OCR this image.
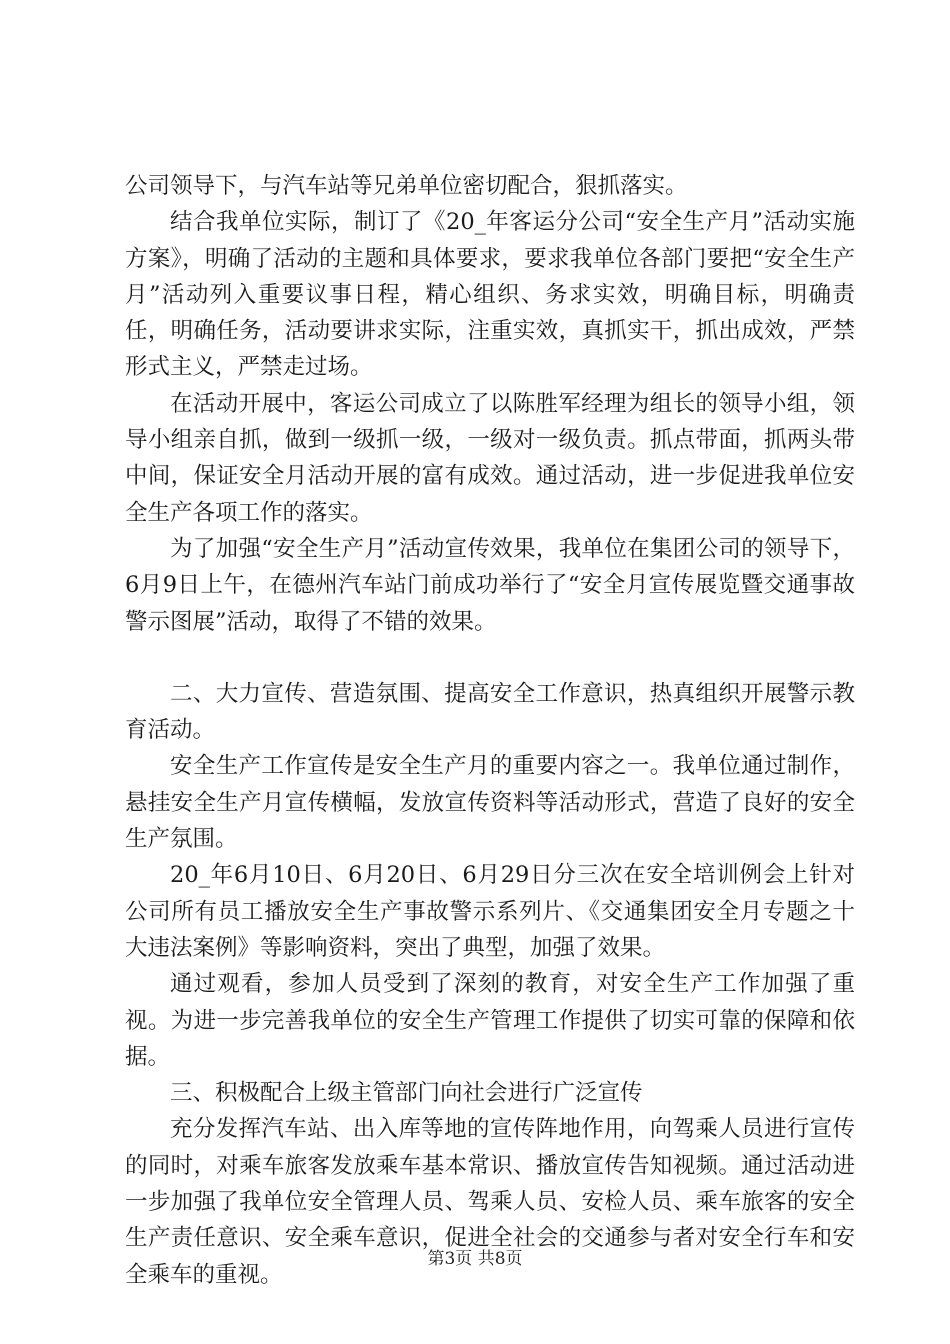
公司领导下，与汽车站等兄弟单位密切配合，狠抓落实。

结合我单位实际，制订了《20_年客运分公司“安全生产月”活动实施方案》，明确了活动的主题和具体要求，要求我单位各部门要把“安全生产月”活动列入重要议事日程，精心组织、务求实效，明确目标，明确责任，明确任务，活动要讲求实际，注重实效，真抓实干，抓出成效，严禁形式主义，严禁走过场。

在活动开展中，客运公司成立了以陈胜军经理为组长的领导小组，领导小组亲自抓，做到一级抓一级，一级对一级负责。抓点带面，抓两头带中间，保证安全月活动开展的富有成效。通过活动，进一步促进我单位安全生产各项工作的落实。

为了加强“安全生产月”活动宣传效果，我单位在集团公司的领导下，6月9日上午，在德州汽车站门前成功举行了“安全月宣传展览暨交通事故警示图展”活动，取得了不错的效果。

二、大力宣传、营造氛围、提高安全工作意识，热真组织开展警示教育活动。

安全生产工作宣传是安全生产月的重要内容之一。我单位通过制作，悬挂安全生产月宣传横幅，发放宣传资料等活动形式，营造了良好的安全生产氛围。

20_年6月10日、6月20日、6月29日分三次在安全培训例会上针对公司所有员工播放安全生产事故警示系列片、《交通集团安全月专题之十大违法案例》等影响资料，突出了典型，加强了效果。

通过观看，参加人员受到了深刻的教育，对安全生产工作加强了重视。为进一步完善我单位的安全生产管理工作提供了切实可靠的保障和依据。

三、积极配合上级主管部门向社会进行广泛宣传

充分发挥汽车站、出入库等地的宣传阵地作用，向驾乘人员进行宣传的同时，对乘车旅客发放乘车基本常识、播放宣传告知视频。通过活动进一步加强了我单位安全管理人员、驾乘人员、安检人员、乘车旅客的安全生产责任意识、安全乘车意识，促进全社会的交通参与者对安全行车和安全乘车的重视。

第3页 共8页
